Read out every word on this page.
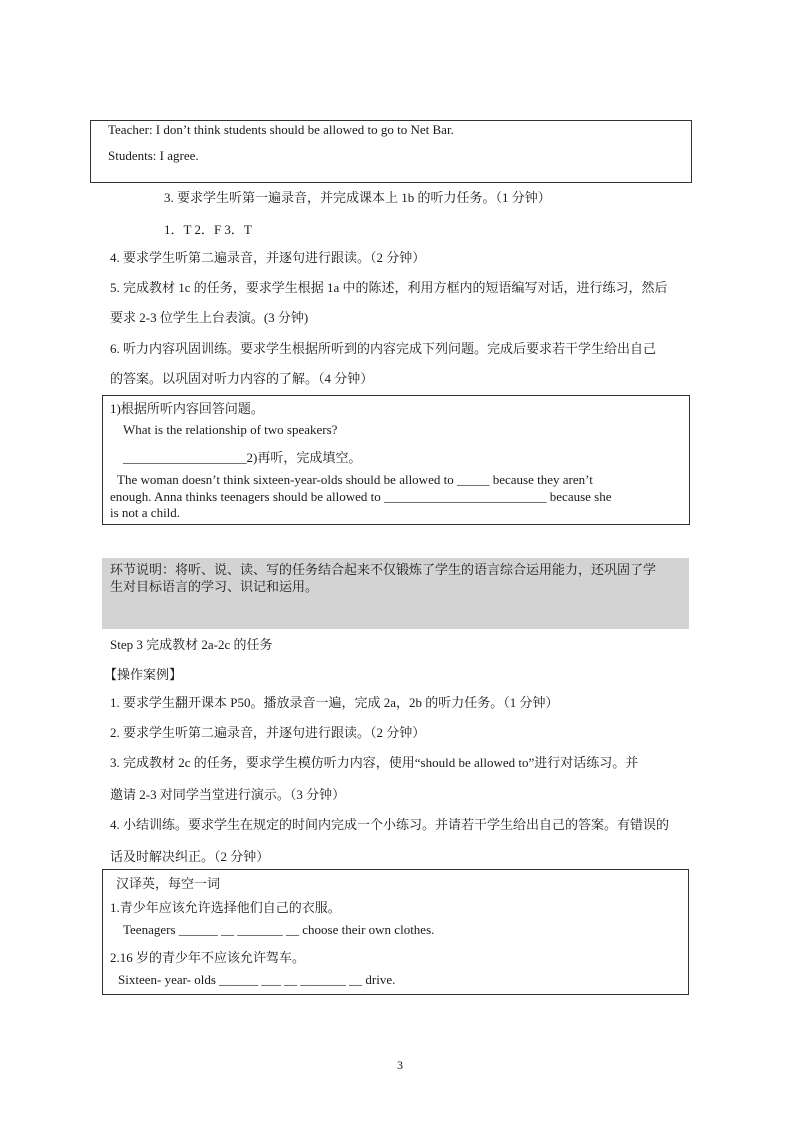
Teacher: I don’t think students should be allowed to go to Net Bar.
Students: I agree.
3. 要求学生听第一遍录音，并完成课本上 1b 的听力任务。（1 分钟）
1．T 2．F 3．T
4. 要求学生听第二遍录音，并逐句进行跟读。（2 分钟）
5. 完成教材 1c 的任务，要求学生根据 1a 中的陈述，利用方框内的短语编写对话，进行练习，然后
要求 2-3 位学生上台表演。(3 分钟)
6. 听力内容巩固训练。要求学生根据所听到的内容完成下列问题。完成后要求若干学生给出自己
的答案。以巩固对听力内容的了解。（4 分钟）
1)根据所听内容回答问题。
What is the relationship of two speakers?
___________________2)再听，完成填空。
The woman doesn’t think sixteen-year-olds should be allowed to _____ because they aren’t
enough. Anna thinks teenagers should be allowed to _________________________ because she
is not a child.
环节说明：将听、说、读、写的任务结合起来不仅锻炼了学生的语言综合运用能力，还巩固了学
生对目标语言的学习、识记和运用。
Step 3 完成教材 2a-2c 的任务
【操作案例】
1. 要求学生翻开课本 P50。播放录音一遍，完成 2a，2b 的听力任务。（1 分钟）
2. 要求学生听第二遍录音，并逐句进行跟读。（2 分钟）
3. 完成教材 2c 的任务，要求学生模仿听力内容，使用“should be allowed to”进行对话练习。并
邀请 2-3 对同学当堂进行演示。（3 分钟）
4. 小结训练。要求学生在规定的时间内完成一个小练习。并请若干学生给出自己的答案。有错误的
话及时解决纠正。（2 分钟）
汉译英，每空一词
1.青少年应该允许选择他们自己的衣服。
Teenagers ______ __ _______ __ choose their own clothes.
2.16 岁的青少年不应该允许驾车。
Sixteen- year- olds ______ ___ __ _______ __ drive.
3
